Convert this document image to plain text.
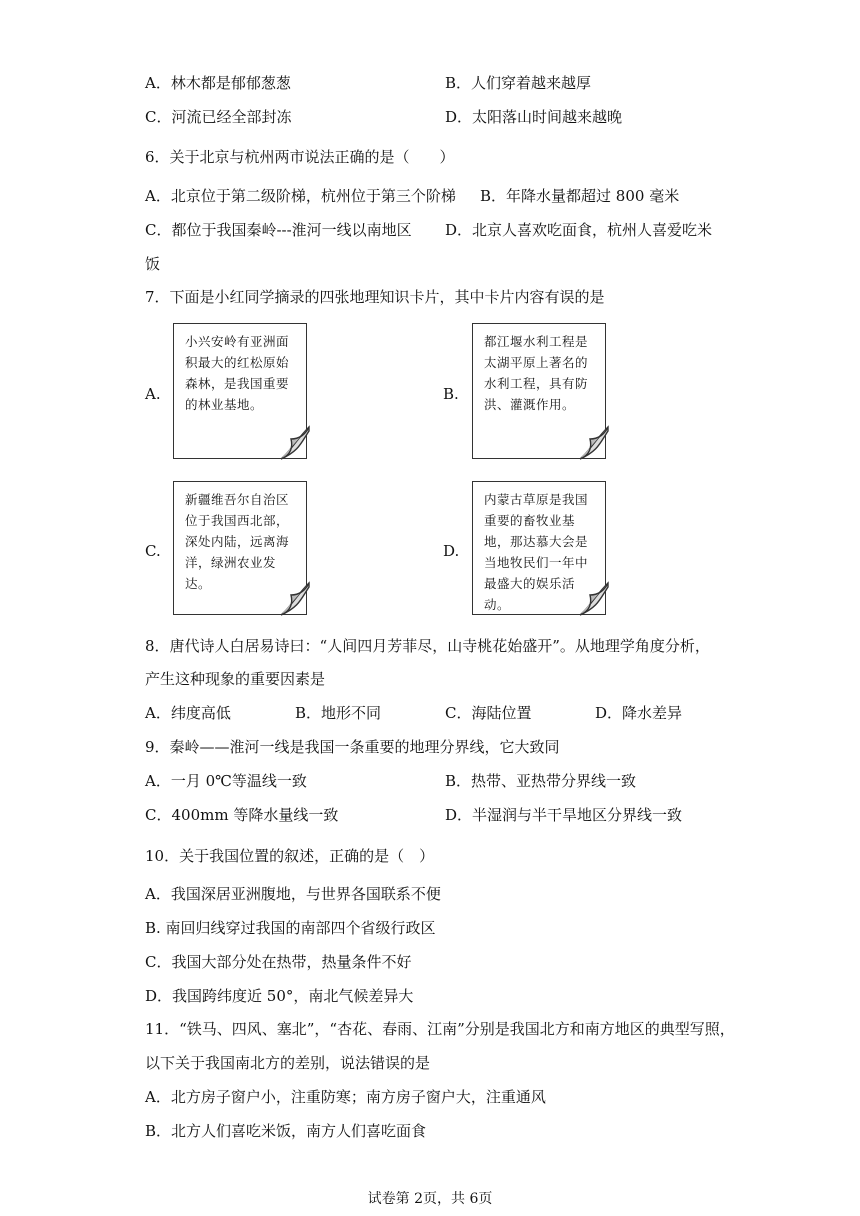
A．林木都是郁郁葱葱	B．人们穿着越来越厚
C．河流已经全部封冻	D．太阳落山时间越来越晚
6．关于北京与杭州两市说法正确的是（　　）
A．北京位于第二级阶梯，杭州位于第三个阶梯 B．年降水量都超过 800 毫米
C．都位于我国秦岭---淮河一线以南地区 D．北京人喜欢吃面食，杭州人喜爱吃米
饭
7．下面是小红同学摘录的四张地理知识卡片，其中卡片内容有误的是
A.
小兴安岭有亚洲面积最大的红松原始森林，是我国重要的林业基地。
B.
都江堰水利工程是太湖平原上著名的水利工程，具有防洪、灌溉作用。
C.
新疆维吾尔自治区位于我国西北部，深处内陆，远离海洋，绿洲农业发达。
D.
内蒙古草原是我国重要的畜牧业基地，那达慕大会是当地牧民们一年中最盛大的娱乐活动。
8．唐代诗人白居易诗曰：“人间四月芳菲尽，山寺桃花始盛开”。从地理学角度分析，
产生这种现象的重要因素是
A．纬度高低	B．地形不同	C．海陆位置	D．降水差异
9．秦岭——淮河一线是我国一条重要的地理分界线，它大致同
A．一月 0℃等温线一致	B．热带、亚热带分界线一致
C．400mm 等降水量线一致	D．半湿润与半干旱地区分界线一致
10．关于我国位置的叙述，正确的是（　）
A．我国深居亚洲腹地，与世界各国联系不便
B. 南回归线穿过我国的南部四个省级行政区
C．我国大部分处在热带，热量条件不好
D．我国跨纬度近 50°，南北气候差异大
11．“铁马、四风、塞北”，“杏花、春雨、江南”分别是我国北方和南方地区的典型写照，
以下关于我国南北方的差别，说法错误的是
A．北方房子窗户小，注重防寒；南方房子窗户大，注重通风
B．北方人们喜吃米饭，南方人们喜吃面食
试卷第 2页，共 6页
